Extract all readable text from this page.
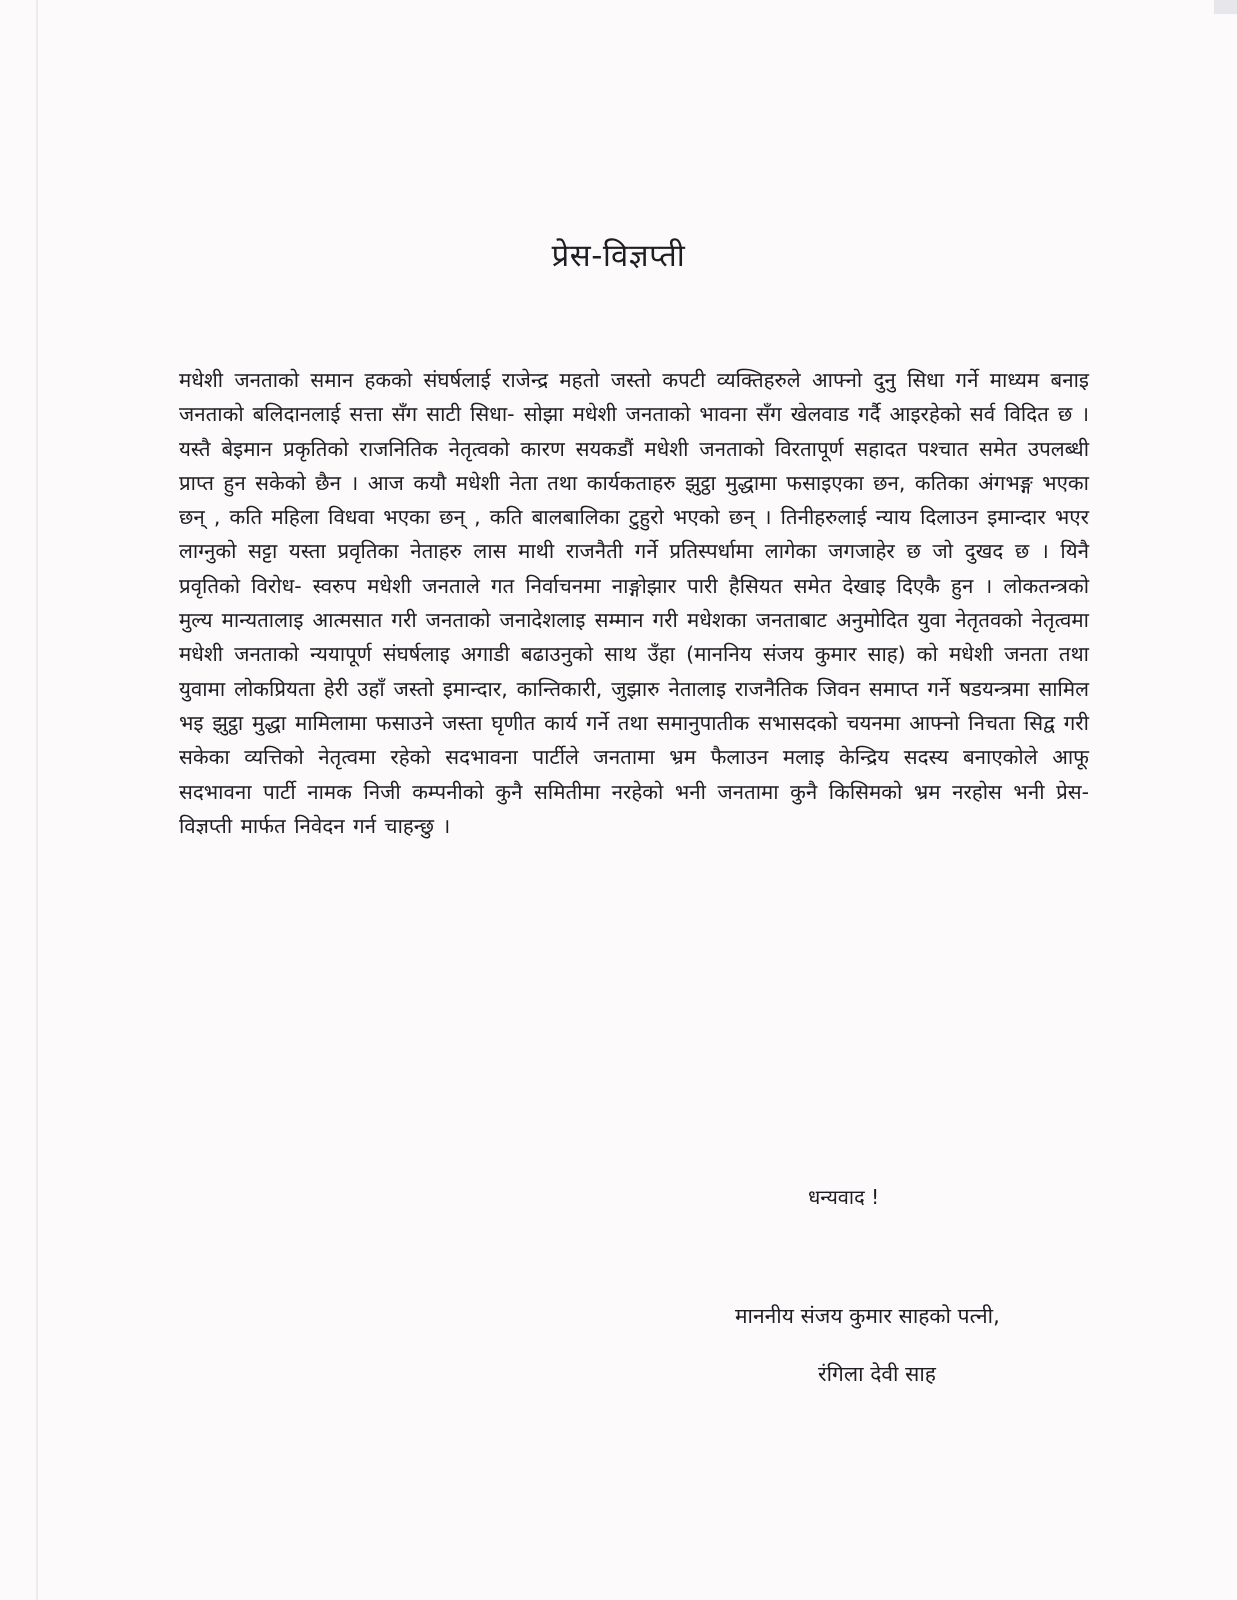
प्रेस-विज्ञप्ती
मधेशी जनताको समान हकको संघर्षलाई राजेन्द्र महतो जस्तो कपटी व्यक्तिहरुले आफ्नो दुनु सिधा गर्ने माध्यम बनाइ जनताको बलिदानलाई सत्ता सँग साटी सिधा- सोझा मधेशी जनताको भावना सँग खेलवाड गर्दै आइरहेको सर्व विदित छ । यस्तै बेइमान प्रकृतिको राजनितिक नेतृत्वको कारण सयकडौं मधेशी जनताको विरतापूर्ण सहादत पश्चात समेत उपलब्धी प्राप्त हुन सकेको छैन । आज कयौ मधेशी नेता तथा कार्यकताहरु झुट्ठा मुद्धामा फसाइएका छन, कतिका अंगभङ्ग भएका छन् , कति महिला विधवा भएका छन् , कति बालबालिका टुहुरो भएको छन् । तिनीहरुलाई न्याय दिलाउन इमान्दार भएर लाग्नुको सट्टा यस्ता प्रवृतिका नेताहरु लास माथी राजनैती गर्ने प्रतिस्पर्धामा लागेका जगजाहेर छ जो दुखद छ । यिनै प्रवृतिको विरोध- स्वरुप मधेशी जनताले गत निर्वाचनमा नाङ्गोझार पारी हैसियत समेत देखाइ दिएकै हुन । लोकतन्त्रको मुल्य मान्यतालाइ आत्मसात गरी जनताको जनादेशलाइ सम्मान गरी मधेशका जनताबाट अनुमोदित युवा नेतृतवको नेतृत्वमा मधेशी जनताको न्ययापूर्ण संघर्षलाइ अगाडी बढाउनुको साथ उँहा (माननिय संजय कुमार साह) को मधेशी जनता तथा युवामा लोकप्रियता हेरी उहाँ जस्तो इमान्दार, कान्तिकारी, जुझारु नेतालाइ राजनैतिक जिवन समाप्त गर्ने षडयन्त्रमा सामिल भइ झुट्ठा मुद्धा मामिलामा फसाउने जस्ता घृणीत कार्य गर्ने तथा समानुपातीक सभासदको चयनमा आफ्नो निचता सिद्व गरी सकेका व्यत्तिको नेतृत्वमा रहेको सदभावना पार्टीले जनतामा भ्रम फैलाउन मलाइ केन्द्रिय सदस्य बनाएकोले आफू सदभावना पार्टी नामक निजी कम्पनीको कुनै समितीमा नरहेको भनी जनतामा कुनै किसिमको भ्रम नरहोस भनी प्रेस- विज्ञप्ती मार्फत निवेदन गर्न चाहन्छु ।
धन्यवाद !
माननीय संजय कुमार साहको पत्नी,
रंगिला देवी साह
